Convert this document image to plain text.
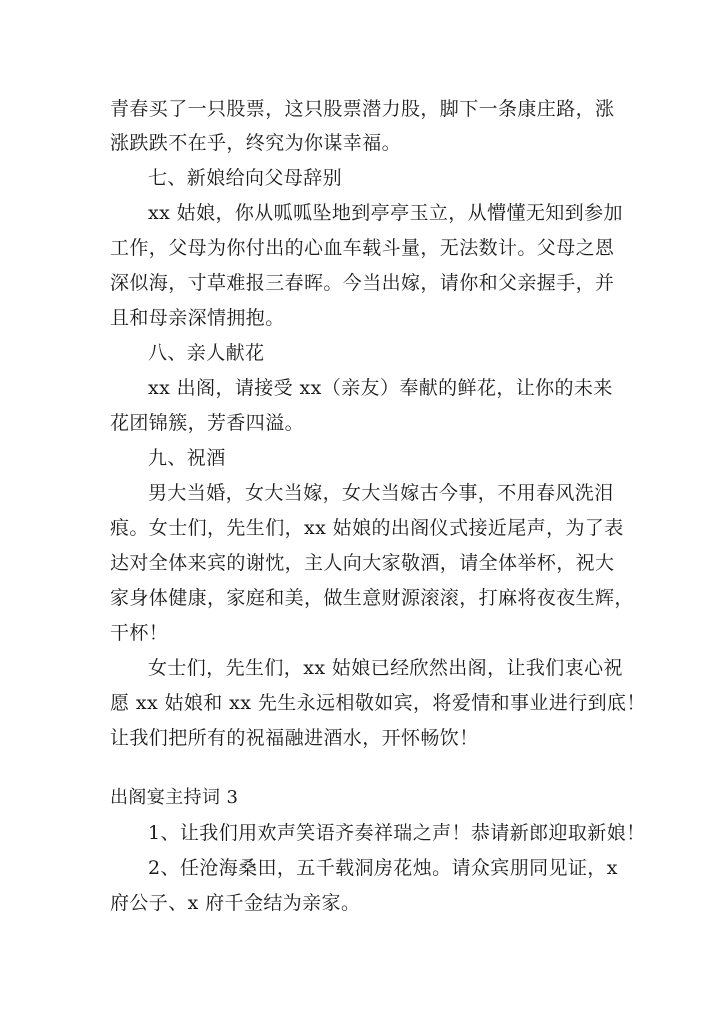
青春买了一只股票，这只股票潜力股，脚下一条康庄路，涨
涨跌跌不在乎，终究为你谋幸福。
七、新娘给向父母辞别
xx 姑娘，你从呱呱坠地到亭亭玉立，从懵懂无知到参加
工作，父母为你付出的心血车载斗量，无法数计。父母之恩
深似海，寸草难报三春晖。今当出嫁，请你和父亲握手，并
且和母亲深情拥抱。
八、亲人献花
xx 出阁，请接受 xx（亲友）奉献的鲜花，让你的未来
花团锦簇，芳香四溢。
九、祝酒
男大当婚，女大当嫁，女大当嫁古今事，不用春风洗泪
痕。女士们，先生们，xx 姑娘的出阁仪式接近尾声，为了表
达对全体来宾的谢忱，主人向大家敬酒，请全体举杯，祝大
家身体健康，家庭和美，做生意财源滚滚，打麻将夜夜生辉，
干杯！
女士们，先生们，xx 姑娘已经欣然出阁，让我们衷心祝
愿 xx 姑娘和 xx 先生永远相敬如宾，将爱情和事业进行到底！
让我们把所有的祝福融进酒水，开怀畅饮！
出阁宴主持词 3
1、让我们用欢声笑语齐奏祥瑞之声！恭请新郎迎取新娘！
2、任沧海桑田，五千载洞房花烛。请众宾朋同见证，x
府公子、x 府千金结为亲家。
